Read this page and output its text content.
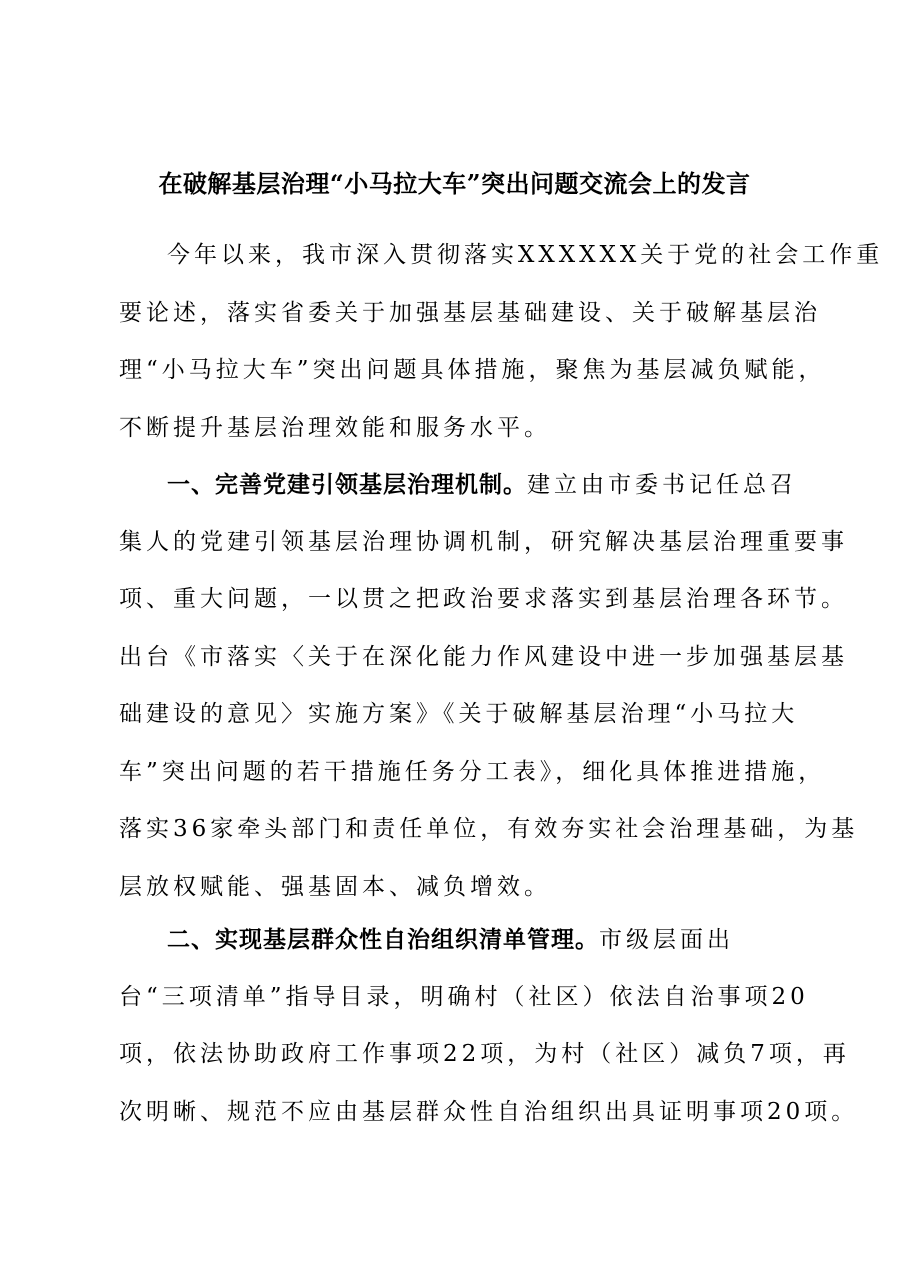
在破解基层治理“小马拉大车”突出问题交流会上的发言
今年以来，我市深入贯彻落实XXXXXX关于党的社会工作重
要论述，落实省委关于加强基层基础建设、关于破解基层治
理“小马拉大车”突出问题具体措施，聚焦为基层减负赋能，
不断提升基层治理效能和服务水平。
一、完善党建引领基层治理机制。建立由市委书记任总召
集人的党建引领基层治理协调机制，研究解决基层治理重要事
项、重大问题，一以贯之把政治要求落实到基层治理各环节。
出台《市落实〈关于在深化能力作风建设中进一步加强基层基
础建设的意见〉实施方案》《关于破解基层治理“小马拉大
车”突出问题的若干措施任务分工表》，细化具体推进措施，
落实36家牵头部门和责任单位，有效夯实社会治理基础，为基
层放权赋能、强基固本、减负增效。
二、实现基层群众性自治组织清单管理。市级层面出
台“三项清单”指导目录，明确村（社区）依法自治事项20
项，依法协助政府工作事项22项，为村（社区）减负7项，再
次明晰、规范不应由基层群众性自治组织出具证明事项20项。
